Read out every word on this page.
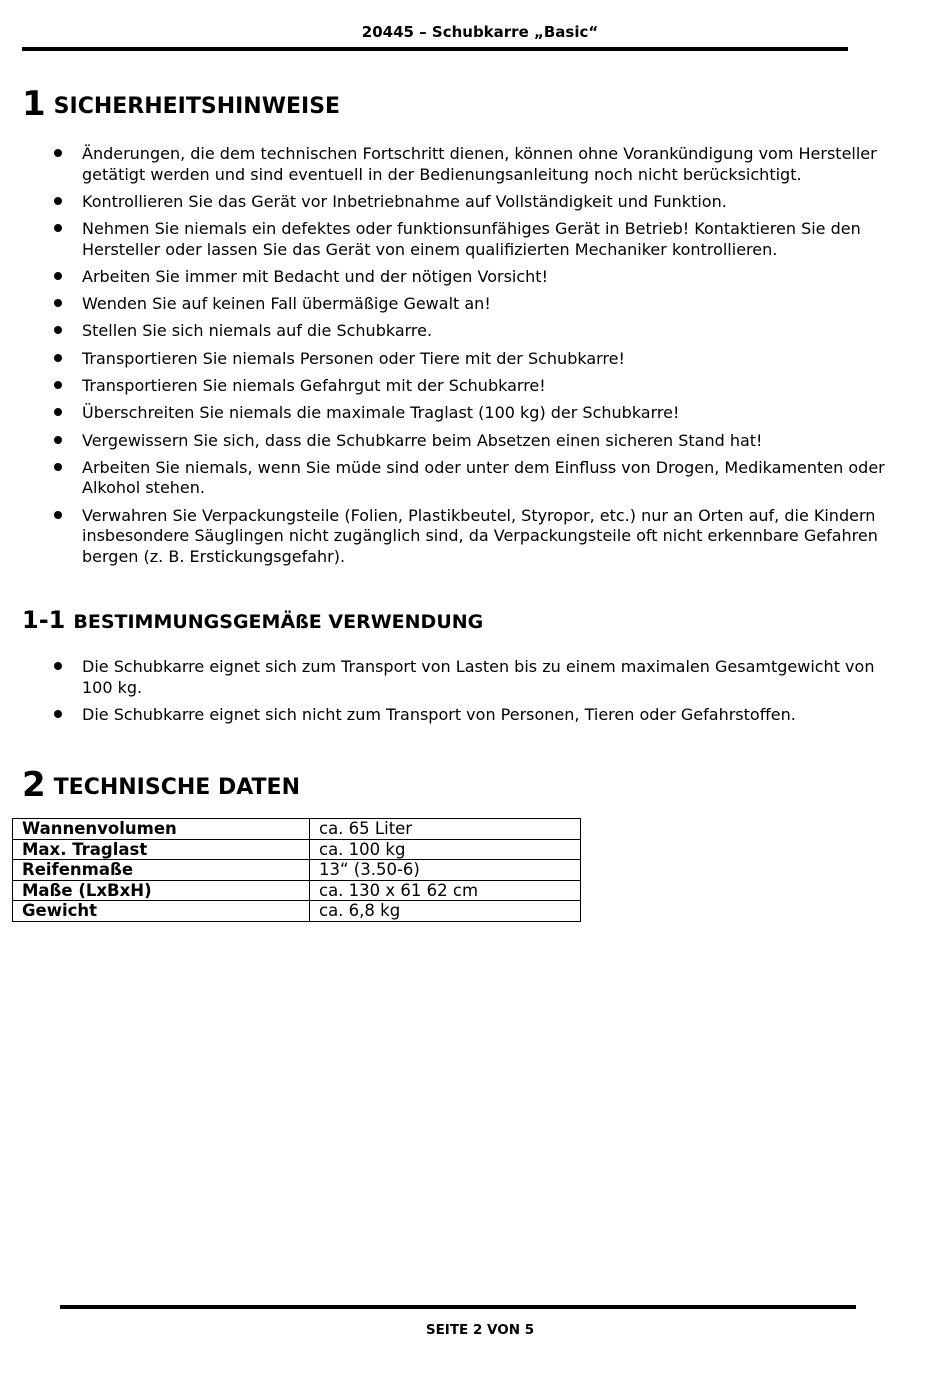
20445 – Schubkarre „Basic“
1 SICHERHEITSHINWEISE
Änderungen, die dem technischen Fortschritt dienen, können ohne Vorankündigung vom Hersteller getätigt werden und sind eventuell in der Bedienungsanleitung noch nicht berücksichtigt.
Kontrollieren Sie das Gerät vor Inbetriebnahme auf Vollständigkeit und Funktion.
Nehmen Sie niemals ein defektes oder funktionsunfähiges Gerät in Betrieb! Kontaktieren Sie den Hersteller oder lassen Sie das Gerät von einem qualifizierten Mechaniker kontrollieren.
Arbeiten Sie immer mit Bedacht und der nötigen Vorsicht!
Wenden Sie auf keinen Fall übermäßige Gewalt an!
Stellen Sie sich niemals auf die Schubkarre.
Transportieren Sie niemals Personen oder Tiere mit der Schubkarre!
Transportieren Sie niemals Gefahrgut mit der Schubkarre!
Überschreiten Sie niemals die maximale Traglast (100 kg) der Schubkarre!
Vergewissern Sie sich, dass die Schubkarre beim Absetzen einen sicheren Stand hat!
Arbeiten Sie niemals, wenn Sie müde sind oder unter dem Einfluss von Drogen, Medikamenten oder Alkohol stehen.
Verwahren Sie Verpackungsteile (Folien, Plastikbeutel, Styropor, etc.) nur an Orten auf, die Kindern insbesondere Säuglingen nicht zugänglich sind, da Verpackungsteile oft nicht erkennbare Gefahren bergen (z. B. Erstickungsgefahr).
1-1 BESTIMMUNGSGEMÄßE VERWENDUNG
Die Schubkarre eignet sich zum Transport von Lasten bis zu einem maximalen Gesamtgewicht von 100 kg.
Die Schubkarre eignet sich nicht zum Transport von Personen, Tieren oder Gefahrstoffen.
2 TECHNISCHE DATEN
Wannenvolumen	ca. 65 Liter
Max. Traglast	ca. 100 kg
Reifenmaße	13“ (3.50-6)
Maße (LxBxH)	ca. 130 x 61 62 cm
Gewicht	ca. 6,8 kg
SEITE 2 VON 5
